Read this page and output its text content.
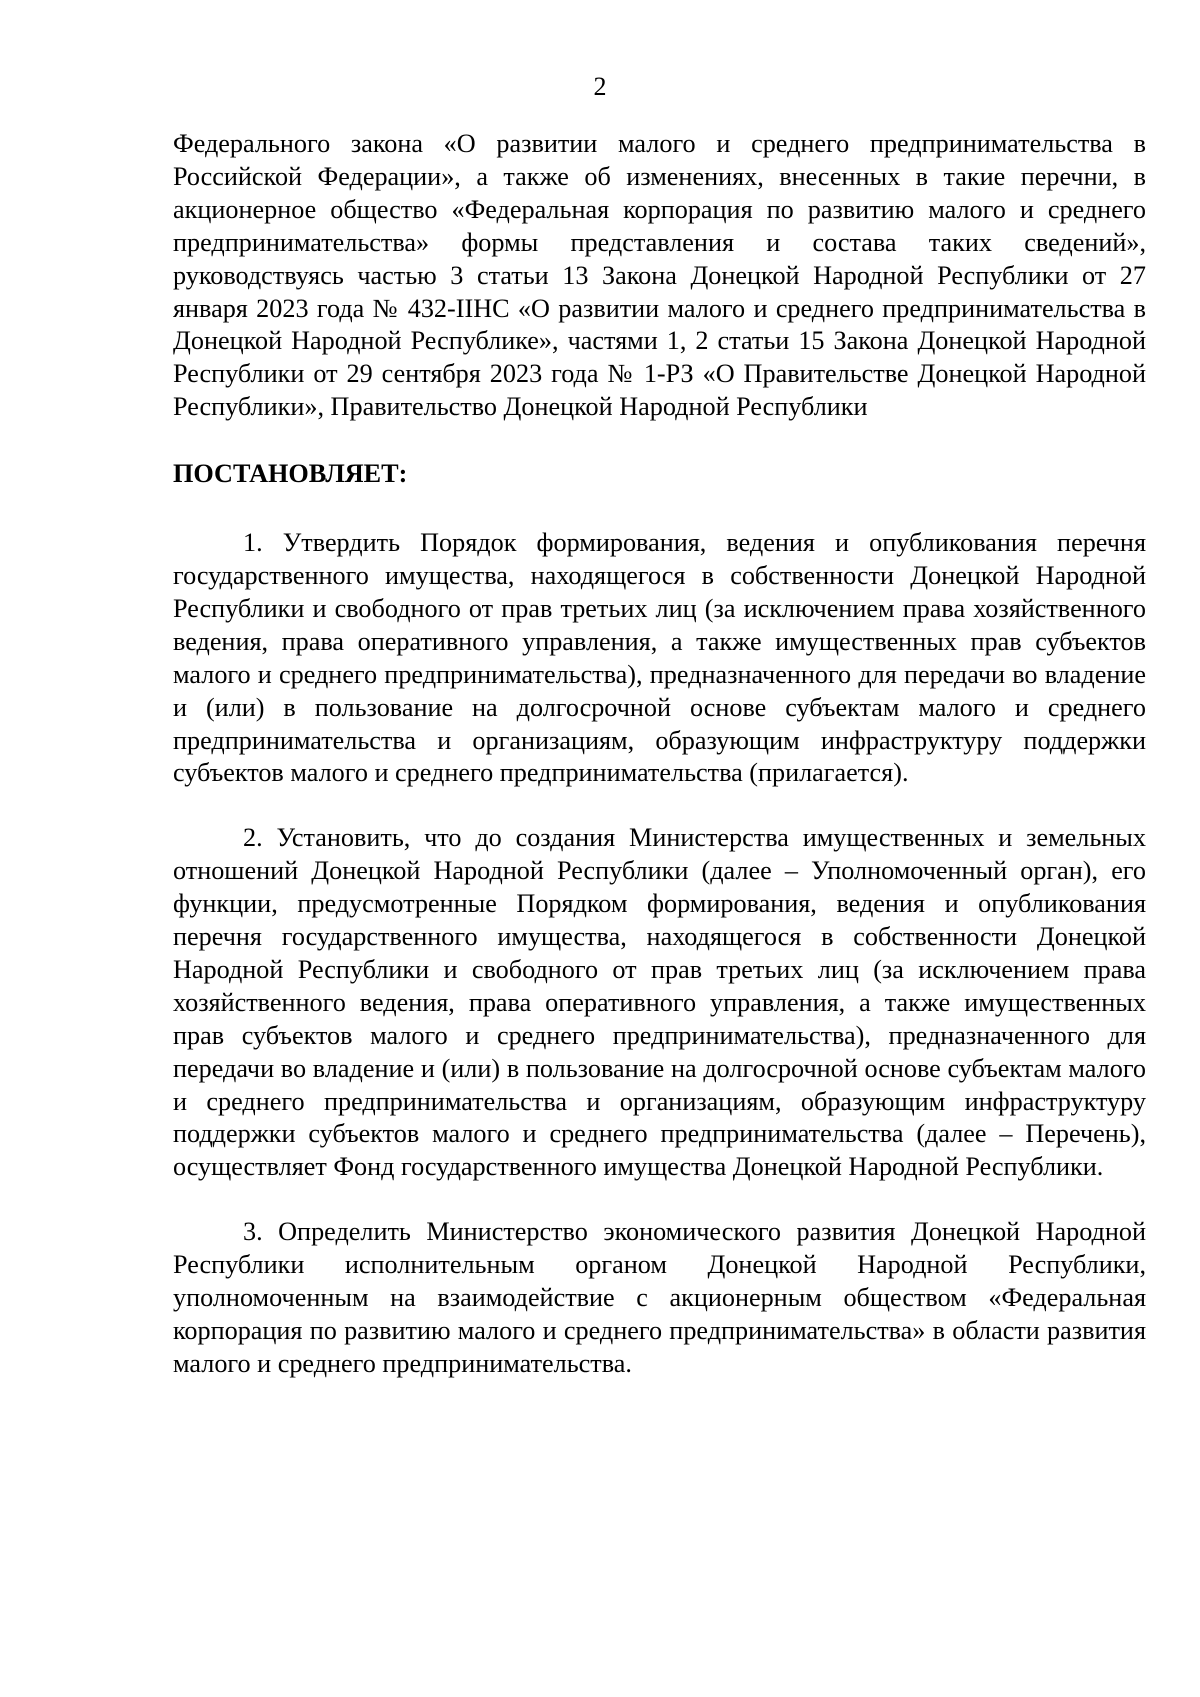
2

Федерального закона «О развитии малого и среднего предпринимательства в Российской Федерации», а также об изменениях, внесенных в такие перечни, в акционерное общество «Федеральная корпорация по развитию малого и среднего предпринимательства» формы представления и состава таких сведений», руководствуясь частью 3 статьи 13 Закона Донецкой Народной Республики от 27 января 2023 года № 432-IIНС «О развитии малого и среднего предпринимательства в Донецкой Народной Республике», частями 1, 2 статьи 15 Закона Донецкой Народной Республики от 29 сентября 2023 года № 1-РЗ «О Правительстве Донецкой Народной Республики», Правительство Донецкой Народной Республики

ПОСТАНОВЛЯЕТ:

1. Утвердить Порядок формирования, ведения и опубликования перечня государственного имущества, находящегося в собственности Донецкой Народной Республики и свободного от прав третьих лиц (за исключением права хозяйственного ведения, права оперативного управления, а также имущественных прав субъектов малого и среднего предпринимательства), предназначенного для передачи во владение и (или) в пользование на долгосрочной основе субъектам малого и среднего предпринимательства и организациям, образующим инфраструктуру поддержки субъектов малого и среднего предпринимательства (прилагается).

2. Установить, что до создания Министерства имущественных и земельных отношений Донецкой Народной Республики (далее – Уполномоченный орган), его функции, предусмотренные Порядком формирования, ведения и опубликования перечня государственного имущества, находящегося в собственности Донецкой Народной Республики и свободного от прав третьих лиц (за исключением права хозяйственного ведения, права оперативного управления, а также имущественных прав субъектов малого и среднего предпринимательства), предназначенного для передачи во владение и (или) в пользование на долгосрочной основе субъектам малого и среднего предпринимательства и организациям, образующим инфраструктуру поддержки субъектов малого и среднего предпринимательства (далее – Перечень), осуществляет Фонд государственного имущества Донецкой Народной Республики.

3. Определить Министерство экономического развития Донецкой Народной Республики исполнительным органом Донецкой Народной Республики, уполномоченным на взаимодействие с акционерным обществом «Федеральная корпорация по развитию малого и среднего предпринимательства» в области развития малого и среднего предпринимательства.
